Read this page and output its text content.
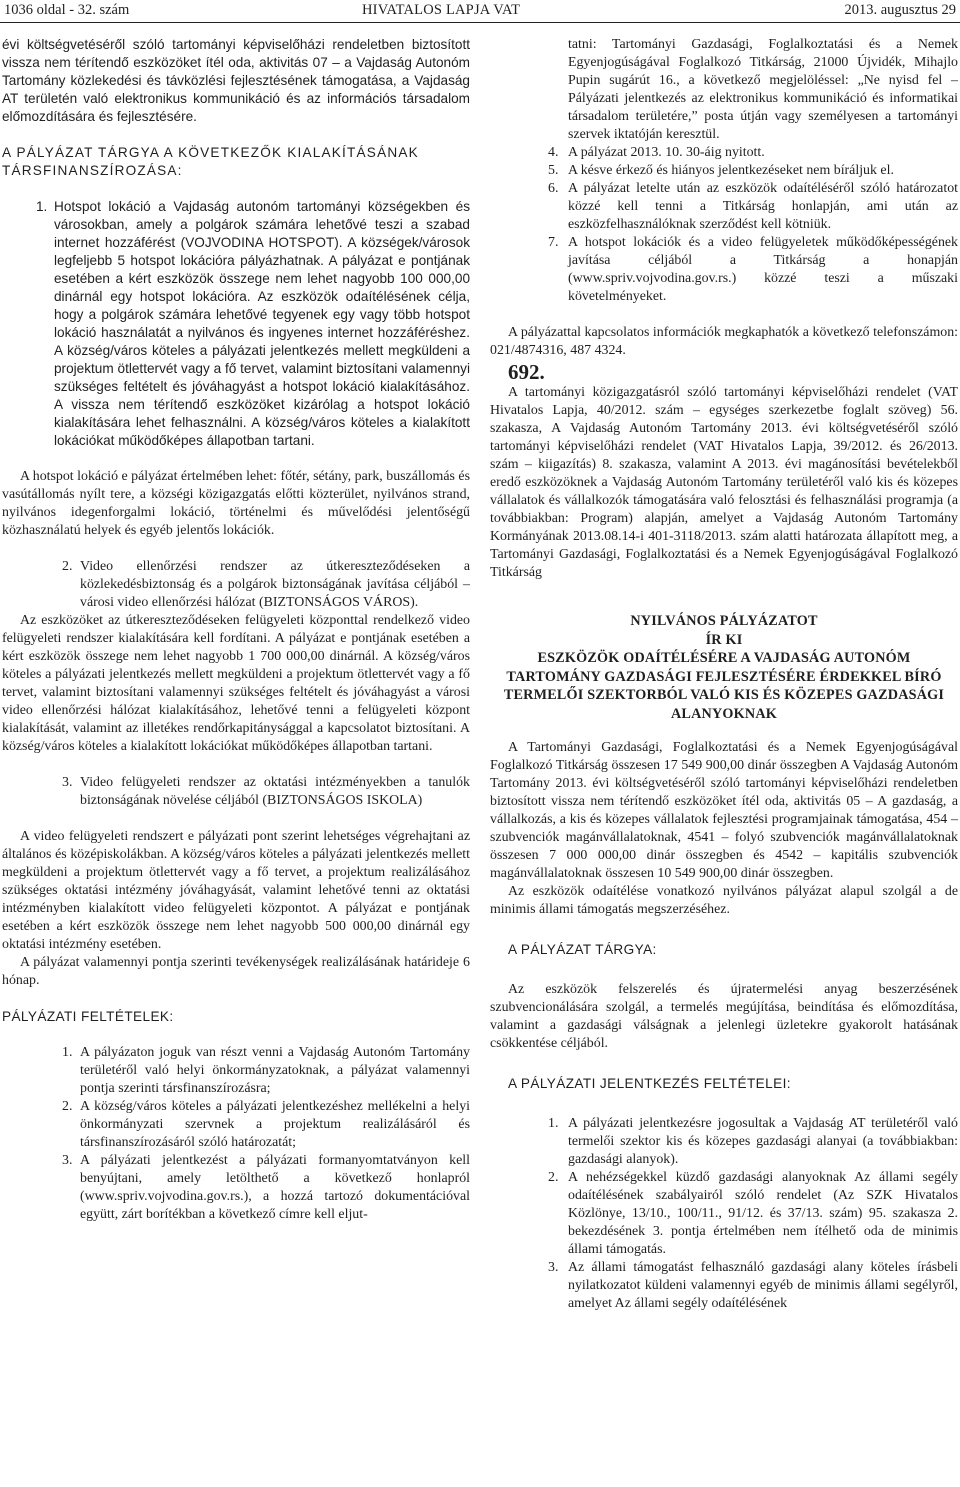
1036 oldal - 32. szám	HIVATALOS LAPJA VAT	2013. augusztus 29

évi költségvetéséről szóló tartományi képviselőházi rendeletben biztosított vissza nem térítendő eszközöket ítél oda, aktivitás 07 – a Vajdaság Autonóm Tartomány közlekedési és távközlési fejlesztésének támogatása, a Vajdaság AT területén való elektronikus kommunikáció és az információs társadalom előmozdítására és fejlesztésére.

A PÁLYÁZAT TÁRGYA A KÖVETKEZŐK KIALAKÍTÁSÁNAK TÁRSFINANSZÍROZÁSA:

1. Hotspot lokáció a Vajdaság autonóm tartományi községekben és városokban, amely a polgárok számára lehetővé teszi a szabad internet hozzáférést (VOJVODINA HOTSPOT). A községek/városok legfeljebb 5 hotspot lokációra pályázhatnak. A pályázat e pontjának esetében a kért eszközök összege nem lehet nagyobb 100 000,00 dinárnál egy hotspot lokációra. Az eszközök odaítélésének célja, hogy a polgárok számára lehetővé tegyenek egy vagy több hotspot lokáció használatát a nyilvános és ingyenes internet hozzáféréshez. A község/város köteles a pályázati jelentkezés mellett megküldeni a projektum ötlettervét vagy a fő tervet, valamint biztosítani valamennyi szükséges feltételt és jóváhagyást a hotspot lokáció kialakításához. A vissza nem térítendő eszközöket kizárólag a hotspot lokáció kialakítására lehet felhasználni. A község/város köteles a kialakított lokációkat működőképes állapotban tartani.

A hotspot lokáció e pályázat értelmében lehet: főtér, sétány, park, buszállomás és vasútállomás nyílt tere, a községi közigazgatás előtti közterület, nyilvános strand, nyilvános idegenforgalmi lokáció, történelmi és művelődési jelentőségű közhasználatú helyek és egyéb jelentős lokációk.

2. Video ellenőrzési rendszer az útkereszteződéseken a közlekedésbiztonság és a polgárok biztonságának javítása céljából – városi video ellenőrzési hálózat (BIZTONSÁGOS VÁROS).

Az eszközöket az útkereszteződéseken felügyeleti központtal rendelkező video felügyeleti rendszer kialakítására kell fordítani. A pályázat e pontjának esetében a kért eszközök összege nem lehet nagyobb 1 700 000,00 dinárnál. A község/város köteles a pályázati jelentkezés mellett megküldeni a projektum ötlettervét vagy a fő tervet, valamint biztosítani valamennyi szükséges feltételt és jóváhagyást a városi video ellenőrzési hálózat kialakításához, lehetővé tenni a felügyeleti központ kialakítását, valamint az illetékes rendőrkapitánysággal a kapcsolatot biztosítani. A község/város köteles a kialakított lokációkat működőképes állapotban tartani.

3. Video felügyeleti rendszer az oktatási intézményekben a tanulók biztonságának növelése céljából (BIZTONSÁGOS ISKOLA)

A video felügyeleti rendszert e pályázati pont szerint lehetséges végrehajtani az általános és középiskolákban. A község/város köteles a pályázati jelentkezés mellett megküldeni a projektum ötlettervét vagy a fő tervet, a projektum realizálásához szükséges oktatási intézmény jóváhagyását, valamint lehetővé tenni az oktatási intézményben kialakított video felügyeleti központot. A pályázat e pontjának esetében a kért eszközök összege nem lehet nagyobb 500 000,00 dinárnál egy oktatási intézmény esetében.

A pályázat valamennyi pontja szerinti tevékenységek realizálásának határideje 6 hónap.

PÁLYÁZATI FELTÉTELEK:

1. A pályázaton joguk van részt venni a Vajdaság Autonóm Tartomány területéről való helyi önkormányzatoknak, a pályázat valamennyi pontja szerinti társfinanszírozásra;

2. A község/város köteles a pályázati jelentkezéshez mellékelni a helyi önkormányzati szervnek a projektum realizálásáról és társfinanszírozásáról szóló határozatát;

3. A pályázati jelentkezést a pályázati formanyomtatványon kell benyújtani, amely letölthető a következő honlapról (www.spriv.vojvodina.gov.rs.), a hozzá tartozó dokumentációval együtt, zárt borítékban a következő címre kell eljut-

tatni: Tartományi Gazdasági, Foglalkoztatási és a Nemek Egyenjogúságával Foglalkozó Titkárság, 21000 Újvidék, Mihajlo Pupin sugárút 16., a következő megjelöléssel: „Ne nyisd fel – Pályázati jelentkezés az elektronikus kommunikáció és informatikai társadalom területére,” posta útján vagy személyesen a tartományi szervek iktatóján keresztül.

4. A pályázat 2013. 10. 30-áig nyitott.

5. A késve érkező és hiányos jelentkezéseket nem bíráljuk el.

6. A pályázat letelte után az eszközök odaítéléséről szóló határozatot közzé kell tenni a Titkárság honlapján, ami után az eszközfelhasználóknak szerződést kell kötniük.

7. A hotspot lokációk és a video felügyeletek működőképességének javítása céljából a Titkárság a honapján (www.spriv.vojvodina.gov.rs.) közzé teszi a műszaki követelményeket.

A pályázattal kapcsolatos információk megkaphatók a következő telefonszámon: 021/4874316, 487 4324.

692.

A tartományi közigazgatásról szóló tartományi képviselőházi rendelet (VAT Hivatalos Lapja, 40/2012. szám – egységes szerkezetbe foglalt szöveg) 56. szakasza, A Vajdaság Autonóm Tartomány 2013. évi költségvetéséről szóló tartományi képviselőházi rendelet (VAT Hivatalos Lapja, 39/2012. és 26/2013. szám – kiigazítás) 8. szakasza, valamint A 2013. évi magánosítási bevételekből eredő eszközöknek a Vajdaság Autonóm Tartomány területéről való kis és közepes vállalatok és vállalkozók támogatására való felosztási és felhasználási programja (a továbbiakban: Program) alapján, amelyet a Vajdaság Autonóm Tartomány Kormányának 2013.08.14-i 401-3118/2013. szám alatti határozata állapított meg, a Tartományi Gazdasági, Foglalkoztatási és a Nemek Egyenjogúságával Foglalkozó Titkárság

NYILVÁNOS PÁLYÁZATOT
ÍR KI
ESZKÖZÖK ODAÍTÉLÉSÉRE A VAJDASÁG AUTONÓM TARTOMÁNY GAZDASÁGI FEJLESZTÉSÉRE ÉRDEKKEL BÍRÓ TERMELŐI SZEKTORBÓL VALÓ KIS ÉS KÖZEPES GAZDASÁGI ALANYOKNAK

A Tartományi Gazdasági, Foglalkoztatási és a Nemek Egyenjogúságával Foglalkozó Titkárság összesen 17 549 900,00 dinár összegben A Vajdaság Autonóm Tartomány 2013. évi költségvetéséről szóló tartományi képviselőházi rendeletben biztosított vissza nem térítendő eszközöket ítél oda, aktivitás 05 – A gazdaság, a vállalkozás, a kis és közepes vállalatok fejlesztési programjainak támogatása, 454 – szubvenciók magánvállalatoknak, 4541 – folyó szubvenciók magánvállalatoknak összesen 7 000 000,00 dinár összegben és 4542 – kapitális szubvenciók magánvállalatoknak összesen 10 549 900,00 dinár összegben.

Az eszközök odaítélése vonatkozó nyilvános pályázat alapul szolgál a de minimis állami támogatás megszerzéséhez.

A PÁLYÁZAT TÁRGYA:

Az eszközök felszerelés és újratermelési anyag beszerzésének szubvencionálására szolgál, a termelés megújítása, beindítása és előmozdítása, valamint a gazdasági válságnak a jelenlegi üzletekre gyakorolt hatásának csökkentése céljából.

A PÁLYÁZATI JELENTKEZÉS FELTÉTELEI:

1. A pályázati jelentkezésre jogosultak a Vajdaság AT területéről való termelői szektor kis és közepes gazdasági alanyai (a továbbiakban: gazdasági alanyok).

2. A nehézségekkel küzdő gazdasági alanyoknak Az állami segély odaítélésének szabályairól szóló rendelet (Az SZK Hivatalos Közlönye, 13/10., 100/11., 91/12. és 37/13. szám) 95. szakasza 2. bekezdésének 3. pontja értelmében nem ítélhető oda de minimis állami támogatás.

3. Az állami támogatást felhasználó gazdasági alany köteles írásbeli nyilatkozatot küldeni valamennyi egyéb de minimis állami segélyről, amelyet Az állami segély odaítélésének
